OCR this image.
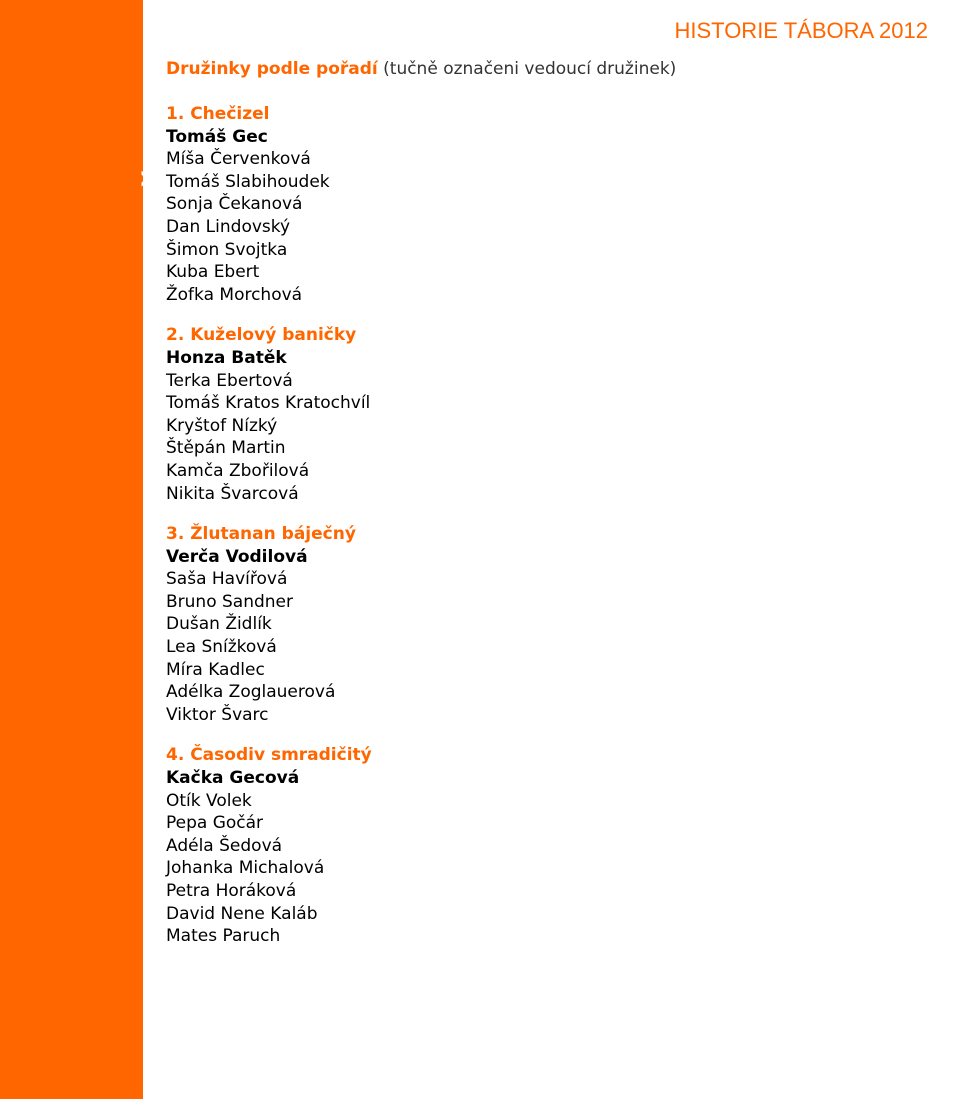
družinky
HISTORIE TÁBORA 2012
Družinky podle pořadí (tučně označeni vedoucí družinek)
1. Chečizel
Tomáš Gec
Míša Červenková
Tomáš Slabihoudek
Sonja Čekanová
Dan Lindovský
Šimon Svojtka
Kuba Ebert
Žofka Morchová
2. Kuželový baničky
Honza Batěk
Terka Ebertová
Tomáš Kratos Kratochvíl
Kryštof Nízký
Štěpán Martin
Kamča Zbořilová
Nikita Švarcová
3. Žlutanan báječný
Verča Vodilová
Saša Havířová
Bruno Sandner
Dušan Židlík
Lea Snížková
Míra Kadlec
Adélka Zoglauerová
Viktor Švarc
4. Časodiv smradičitý
Kačka Gecová
Otík Volek
Pepa Gočár
Adéla Šedová
Johanka Michalová
Petra Horáková
David Nene Kaláb
Mates Paruch
